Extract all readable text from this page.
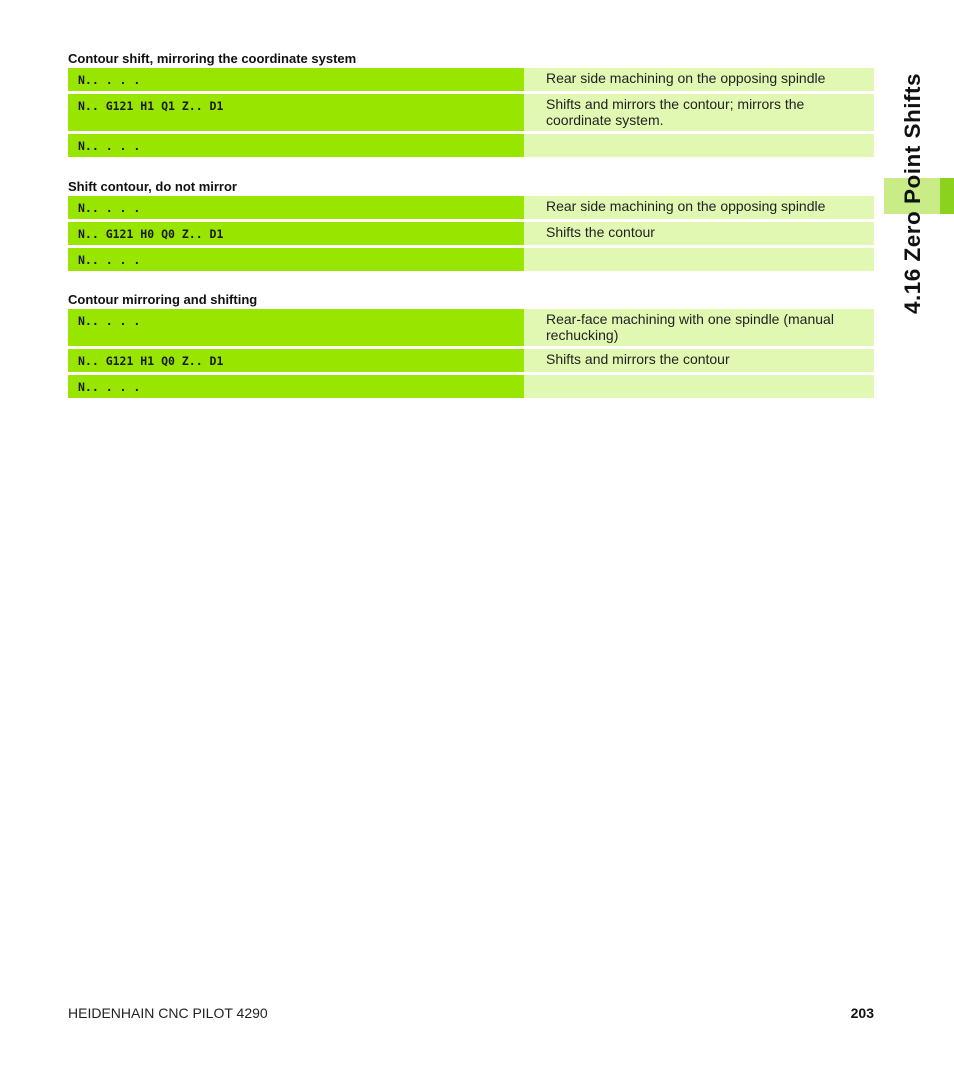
4.16 Zero Point Shifts
Contour shift, mirroring the coordinate system
N.. . . .	Rear side machining on the opposing spindle
N.. G121 H1 Q1 Z.. D1	Shifts and mirrors the contour; mirrors the coordinate system.
N.. . . .	
Shift contour, do not mirror
N.. . . .	Rear side machining on the opposing spindle
N.. G121 H0 Q0 Z.. D1	Shifts the contour
N.. . . .	
Contour mirroring and shifting
N.. . . .	Rear-face machining with one spindle (manual rechucking)
N.. G121 H1 Q0 Z.. D1	Shifts and mirrors the contour
N.. . . .	
HEIDENHAIN CNC PILOT 4290	203
